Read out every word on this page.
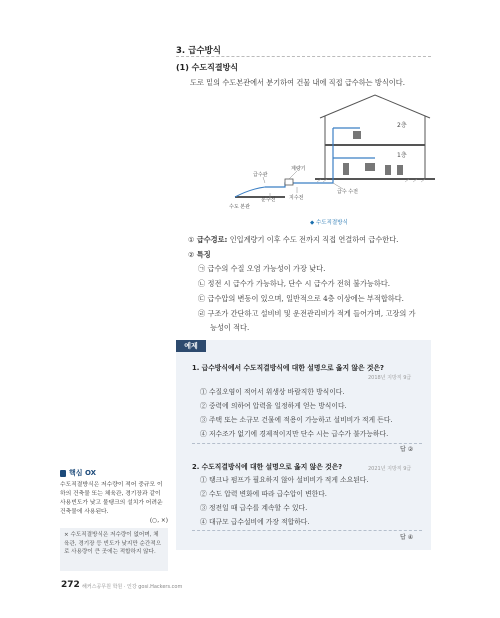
3. 급수방식
(1) 수도직결방식
도로 밑의 수도본관에서 분기하여 건물 내에 직접 급수하는 방식이다.
2층
1층
계량기
급수관
지수전
분수전
수도 본관
급수 수전
◆ 수도직결방식
① 급수경로: 인입계량기 이후 수도 전까지 직접 연결하여 급수한다.
② 특징
㉠ 급수의 수질 오염 가능성이 가장 낮다.
㉡ 정전 시 급수가 가능하나, 단수 시 급수가 전혀 불가능하다.
㉢ 급수압의 변동이 있으며, 일반적으로 4층 이상에는 부적합하다.
㉣ 구조가 간단하고 설비비 및 운전관리비가 적게 들어가며, 고장의 가
능성이 적다.
예제
1. 급수방식에서 수도직결방식에 대한 설명으로 옳지 않은 것은?
2018년 지방직 9급
① 수질오염이 적어서 위생상 바람직한 방식이다.
② 중력에 의하여 압력을 일정하게 얻는 방식이다.
③ 주택 또는 소규모 건물에 적용이 가능하고 설비비가 적게 든다.
④ 저수조가 없기에 경제적이지만 단수 시는 급수가 불가능하다.
답 ②
2. 수도직결방식에 대한 설명으로 옳지 않은 것은?	2021년 지방직 9급
① 탱크나 펌프가 필요하지 않아 설비비가 적게 소요된다.
② 수도 압력 변화에 따라 급수압이 변한다.
③ 정전일 때 급수를 계속할 수 있다.
④ 대규모 급수설비에 가장 적합하다.
답 ④
핵심 OX
수도직결방식은 저수량이 적어 중규모 이하의 건축물 또는 체육관, 경기장과 같이 사용빈도가 낮고 물탱크의 설치가 어려운 건축물에 사용된다.
(○, ×)
× 수도직결방식은 저수량이 없어며, 체육관, 경기장 등 빈도가 낮지만 순간적으로 사용량이 큰 곳에는 적합하지 않다.
272 해커스공무원 학원 · 인강 gosi.Hackers.com
